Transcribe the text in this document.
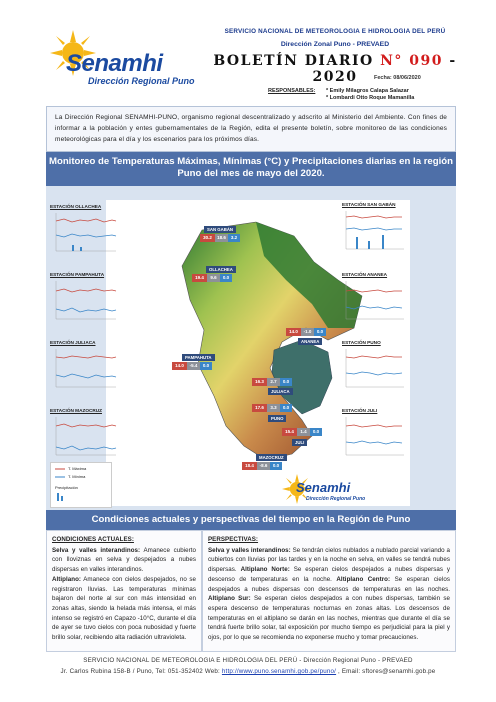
Senamhi
Dirección Regional Puno
SERVICIO NACIONAL DE METEOROLOGIA E HIDROLOGIA DEL PERÚ
Dirección Zonal Puno - PREVAED
BOLETÍN DIARIO N° 090 - 2020	Fecha: 08/06/2020
RESPONSABLES: * Emily Milagros Calapa Salazar
* Lombardi Otto Roque Mamanilla
La Dirección Regional SENAMHI-PUNO, organismo regional descentralizado y adscrito al Ministerio del Ambiente. Con fines de informar a la población y entes gubernamentales de la Región, edita el presente boletín, sobre monitoreo de las condiciones meteorológicas para el día y los escenarios para los próximos días.
Monitoreo de Temperaturas Máximas, Mínimas (°C) y Precipitaciones diarias en la región Puno del mes de mayo del 2020.
ESTACIÓN OLLACHEA
ESTACIÓN PAMPAHUTA
ESTACIÓN JULIACA
ESTACIÓN MAZOCRUZ
ESTACIÓN SAN GABÁN
ESTACIÓN ANANEA
ESTACIÓN PUNO
ESTACIÓN JULI
SAN GABÁN
30.2	18.6	3.2
OLLACHEA
19.4	9.6	0.0
14.0	-1.0	0.0
ANANEA
PAMPAHUTA
14.0	-5.4	0.0
16.3	2.7	0.0
JULIACA
17.6	3.3	0.0
PUNO
15.4	1.4	0.0
JULI
MAZOCRUZ
18.4	-8.6	0.0
T. Máxima
T. Mínima
Precipitación	Senamhi
Dirección Regional Puno
Condiciones actuales y perspectivas del tiempo en la Región de Puno
CONDICIONES ACTUALES:
Selva y valles interandinos: Amanece cubierto con lloviznas en selva y despejados a nubes dispersas en valles interandinos.
Altiplano: Amanece con cielos despejados, no se registraron lluvias. Las temperaturas mínimas bajaron del norte al sur con más intensidad en zonas altas, siendo la helada más intensa, el más intenso se registró en Capazo -10°C, durante el día de ayer se tuvo cielos con poca nubosidad y fuerte brillo solar, recibiendo alta radiación ultravioleta.
PERSPECTIVAS:
Selva y valles interandinos: Se tendrán cielos nublados a nublado parcial variando a cubiertos con lluvias por las tardes y en la noche en selva, en valles se tendrá nubes dispersas. Altiplano Norte: Se esperan cielos despejados a nubes dispersas y descenso de temperaturas en la noche. Altiplano Centro: Se esperan cielos despejados a nubes dispersas con descensos de temperaturas en las noches. Altiplano Sur: Se esperan cielos despejados a con nubes dispersas, también se espera descenso de temperaturas nocturnas en zonas altas. Los descensos de temperaturas en el altiplano se darán en las noches, mientras que durante el día se tendrá fuerte brillo solar, tal exposición por mucho tiempo es perjudicial para la piel y ojos, por lo que se recomienda no exponerse mucho y tomar precauciones.
SERVICIO NACIONAL DE METEOROLOGIA E HIDROLOGIA DEL PERÚ - Dirección Regional Puno - PREVAED
Jr. Carlos Rubina 158-B / Puno, Tel: 051-352402 Web: http://www.puno.senamhi.gob.pe/puno/ , Email: sftores@senamhi.gob.pe
